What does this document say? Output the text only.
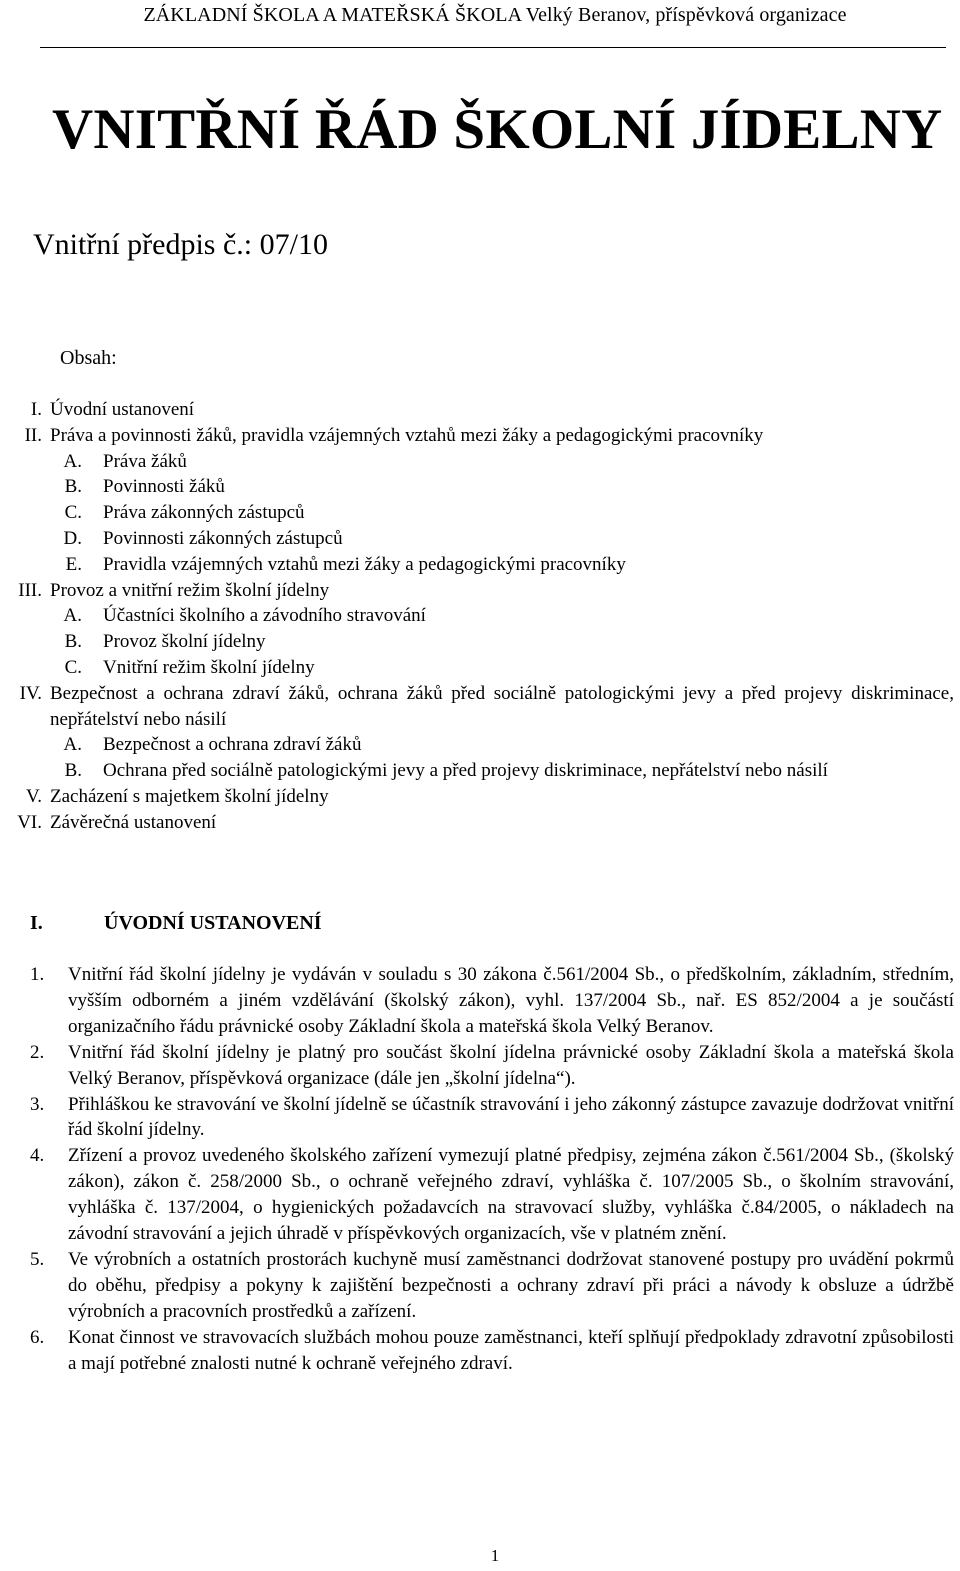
ZÁKLADNÍ ŠKOLA A MATEŘSKÁ ŠKOLA Velký Beranov, příspěvková organizace
VNITŘNÍ ŘÁD ŠKOLNÍ JÍDELNY
Vnitřní předpis č.: 07/10
Obsah:
I. Úvodní ustanovení
II. Práva a povinnosti žáků, pravidla vzájemných vztahů mezi žáky a pedagogickými pracovníky
A. Práva žáků
B. Povinnosti žáků
C. Práva zákonných zástupců
D. Povinnosti zákonných zástupců
E. Pravidla vzájemných vztahů mezi žáky a pedagogickými pracovníky
III. Provoz a vnitřní režim školní jídelny
A. Účastníci školního a závodního stravování
B. Provoz školní jídelny
C. Vnitřní režim školní jídelny
IV. Bezpečnost a ochrana zdraví žáků, ochrana žáků před sociálně patologickými jevy a před projevy diskriminace, nepřátelství nebo násilí
A. Bezpečnost a ochrana zdraví žáků
B. Ochrana před sociálně patologickými jevy a před projevy diskriminace, nepřátelství nebo násilí
V. Zacházení s majetkem školní jídelny
VI. Závěrečná ustanovení
I.	ÚVODNÍ USTANOVENÍ
1. Vnitřní řád školní jídelny je vydáván v souladu s 30 zákona č.561/2004 Sb., o předškolním, základním, středním, vyšším odborném a jiném vzdělávání (školský zákon), vyhl. 137/2004 Sb., nař. ES 852/2004 a je součástí organizačního řádu právnické osoby Základní škola a mateřská škola Velký Beranov.
2. Vnitřní řád školní jídelny je platný pro součást školní jídelna právnické osoby Základní škola a mateřská škola Velký Beranov, příspěvková organizace (dále jen „školní jídelna“).
3. Přihláškou ke stravování ve školní jídelně se účastník stravování i jeho zákonný zástupce zavazuje dodržovat vnitřní řád školní jídelny.
4. Zřízení a provoz uvedeného školského zařízení vymezují platné předpisy, zejména zákon č.561/2004 Sb., (školský zákon), zákon č. 258/2000 Sb., o ochraně veřejného zdraví, vyhláška č. 107/2005 Sb., o školním stravování, vyhláška č. 137/2004, o hygienických požadavcích na stravovací služby, vyhláška č.84/2005, o nákladech na závodní stravování a jejich úhradě v příspěvkových organizacích, vše v platném znění.
5. Ve výrobních a ostatních prostorách kuchyně musí zaměstnanci dodržovat stanovené postupy pro uvádění pokrmů do oběhu, předpisy a pokyny k zajištění bezpečnosti a ochrany zdraví při práci a návody k obsluze a údržbě výrobních a pracovních prostředků a zařízení.
6. Konat činnost ve stravovacích službách mohou pouze zaměstnanci, kteří splňují předpoklady zdravotní způsobilosti a mají potřebné znalosti nutné k ochraně veřejného zdraví.
1
